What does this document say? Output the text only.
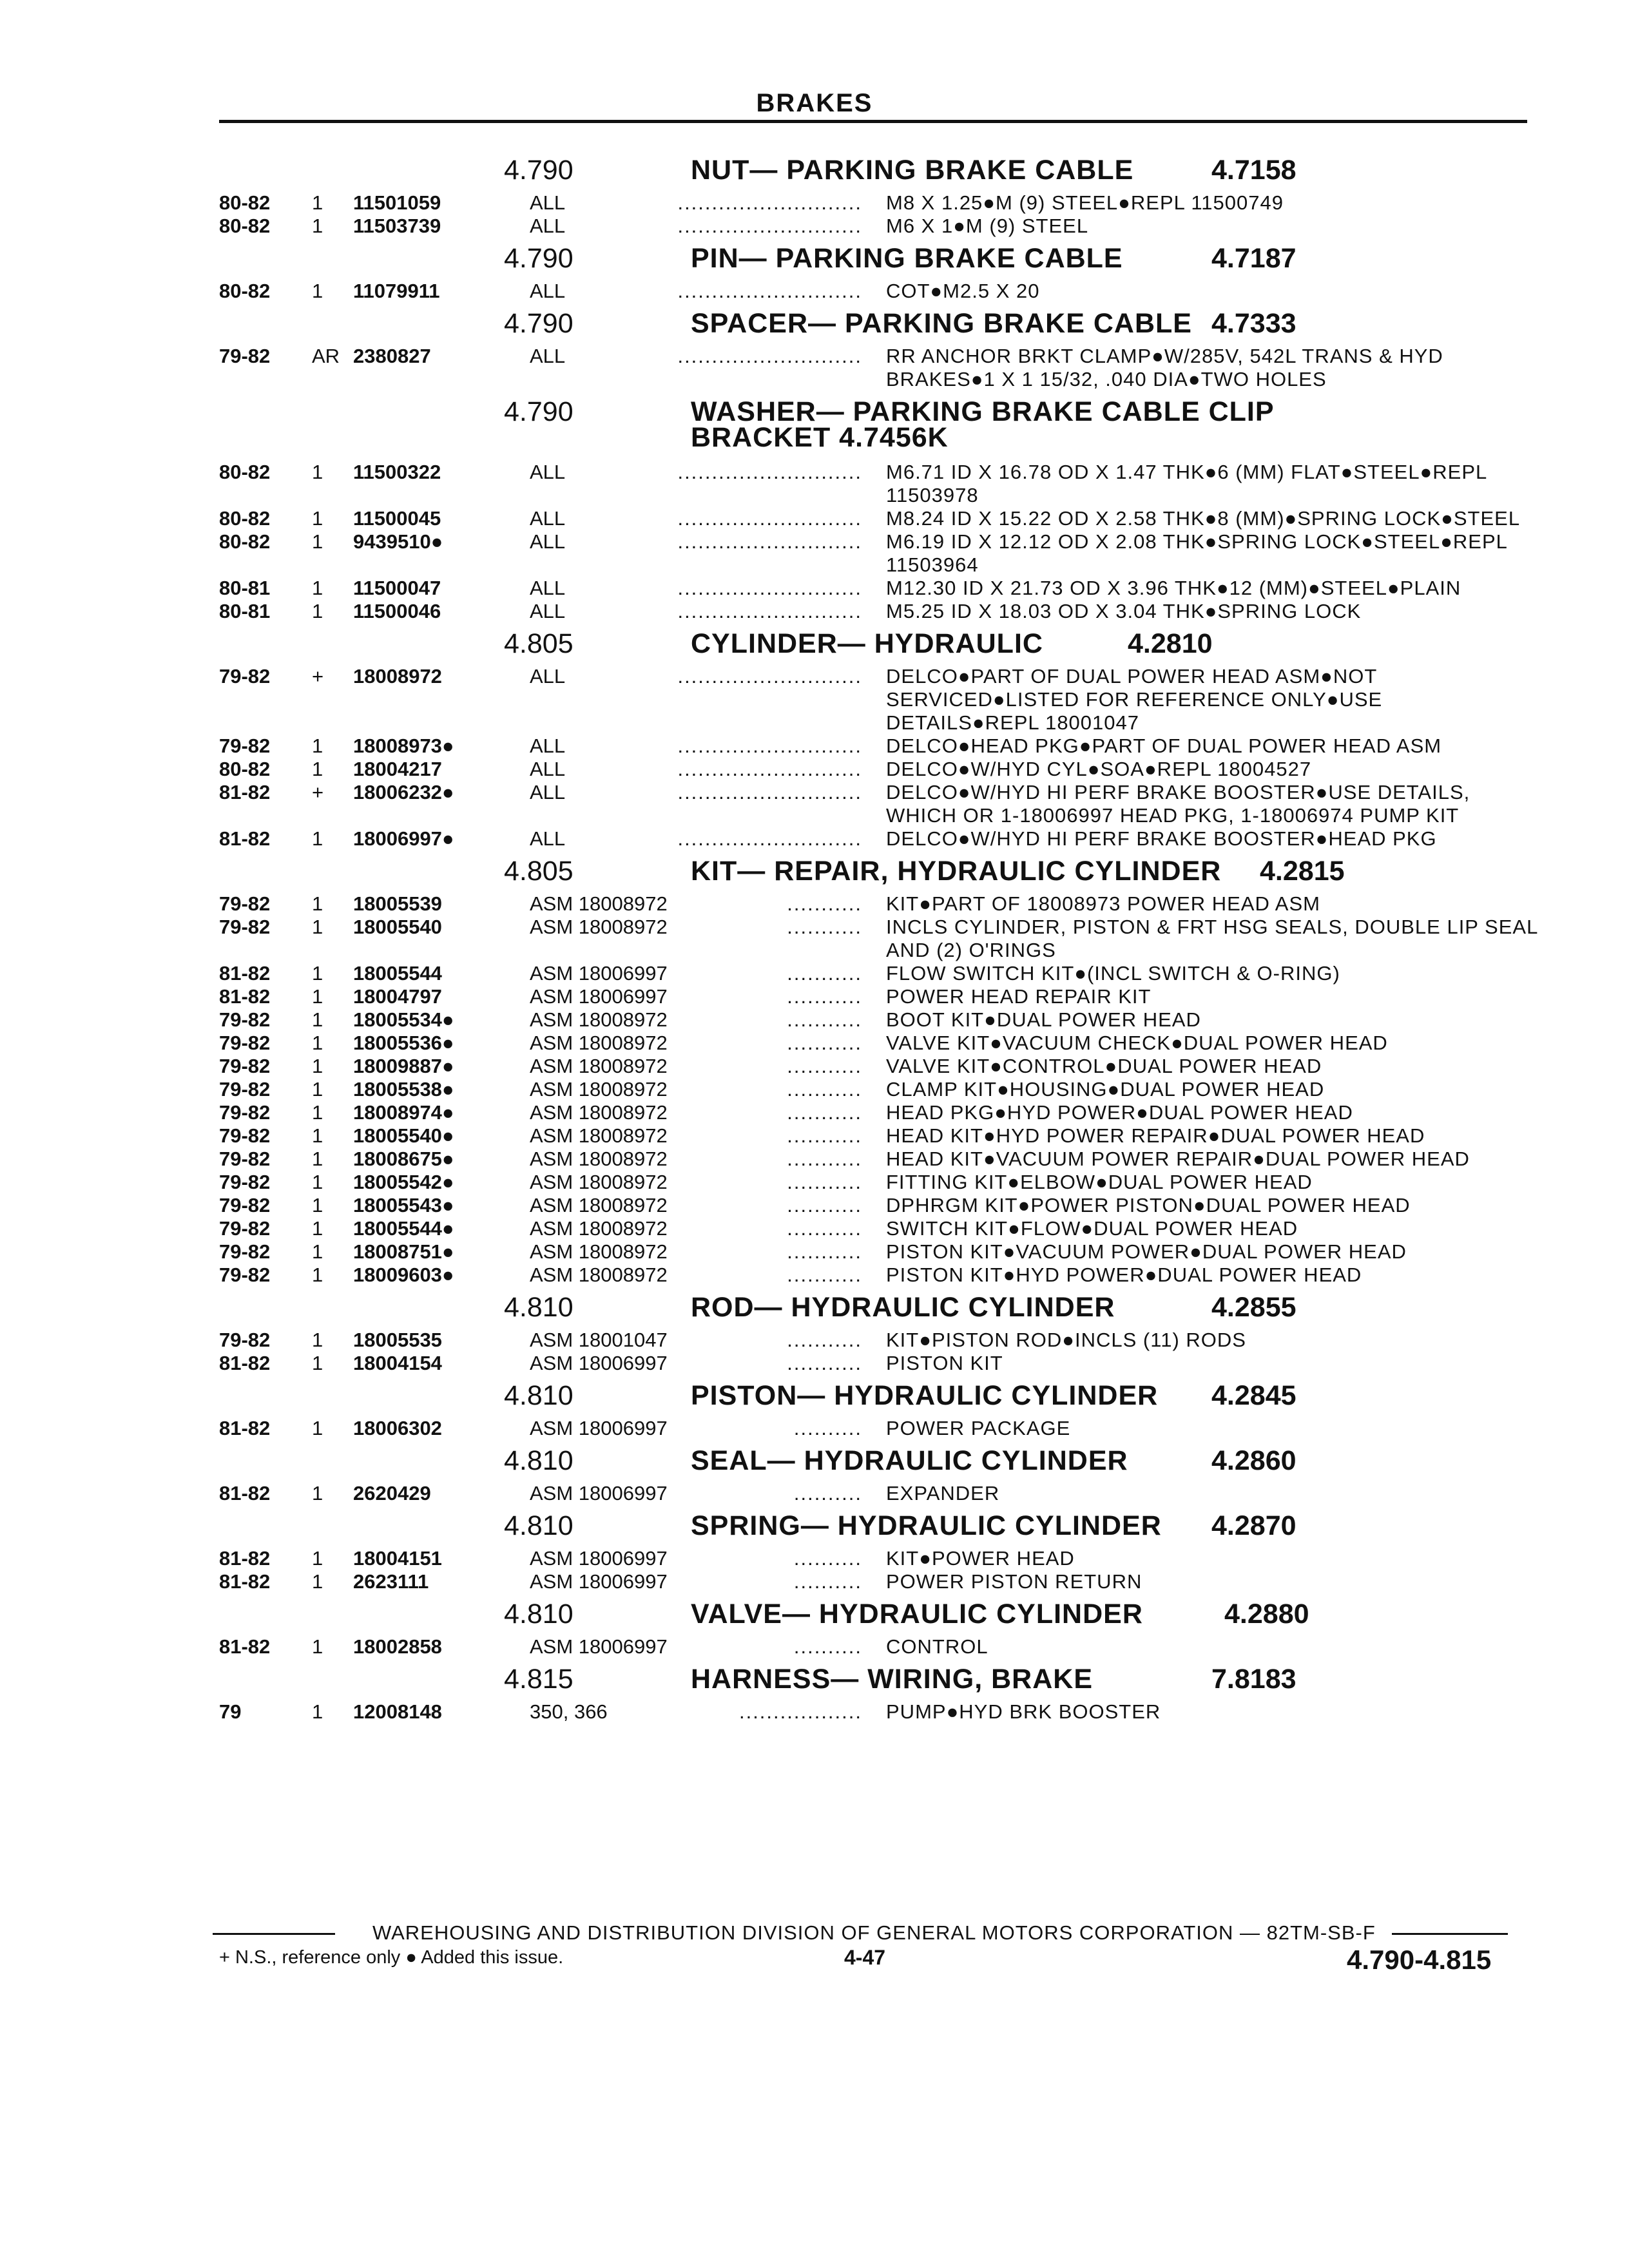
BRAKES
4.790	NUT— PARKING BRAKE CABLE	4.7158
80-82 1 11501059	ALL	........................... M8 X 1.25●M (9) STEEL●REPL 11500749
80-82 1 11503739	ALL	........................... M6 X 1●M (9) STEEL
4.790	PIN— PARKING BRAKE CABLE	4.7187
80-82 1 11079911	ALL	........................... COT●M2.5 X 20
4.790	SPACER— PARKING BRAKE CABLE 4.7333
79-82 AR 2380827	ALL	........................... RR ANCHOR BRKT CLAMP●W/285V, 542L TRANS & HYD BRAKES●1 X 1 15/32, .040 DIA●TWO HOLES
4.790	WASHER— PARKING BRAKE CABLE CLIP
BRACKET 4.7456K
80-82 1 11500322	ALL	........................... M6.71 ID X 16.78 OD X 1.47 THK●6 (MM) FLAT●STEEL●REPL 11503978
80-82 1 11500045	ALL	........................... M8.24 ID X 15.22 OD X 2.58 THK●8 (MM)●SPRING LOCK●STEEL
80-82 1 9439510●	ALL	........................... M6.19 ID X 12.12 OD X 2.08 THK●SPRING LOCK●STEEL●REPL 11503964
80-81 1 11500047	ALL	........................... M12.30 ID X 21.73 OD X 3.96 THK●12 (MM)●STEEL●PLAIN
80-81 1 11500046	ALL	........................... M5.25 ID X 18.03 OD X 3.04 THK●SPRING LOCK
4.805	CYLINDER— HYDRAULIC	4.2810
79-82 + 18008972	ALL	........................... DELCO●PART OF DUAL POWER HEAD ASM●NOT SERVICED●LISTED FOR REFERENCE ONLY●USE DETAILS●REPL 18001047
79-82 1 18008973●	ALL	........................... DELCO●HEAD PKG●PART OF DUAL POWER HEAD ASM
80-82 1 18004217	ALL	........................... DELCO●W/HYD CYL●SOA●REPL 18004527
81-82 + 18006232●	ALL	........................... DELCO●W/HYD HI PERF BRAKE BOOSTER●USE DETAILS, WHICH OR 1-18006997 HEAD PKG, 1-18006974 PUMP KIT
81-82 1 18006997●	ALL	........................... DELCO●W/HYD HI PERF BRAKE BOOSTER●HEAD PKG
4.805	KIT— REPAIR, HYDRAULIC CYLINDER 4.2815
79-82 1 18005539	ASM 18008972	........... KIT●PART OF 18008973 POWER HEAD ASM
79-82 1 18005540	ASM 18008972	........... INCLS CYLINDER, PISTON & FRT HSG SEALS, DOUBLE LIP SEAL AND (2) O'RINGS
81-82 1 18005544	ASM 18006997	........... FLOW SWITCH KIT●(INCL SWITCH & O-RING)
81-82 1 18004797	ASM 18006997	........... POWER HEAD REPAIR KIT
79-82 1 18005534●	ASM 18008972	........... BOOT KIT●DUAL POWER HEAD
79-82 1 18005536●	ASM 18008972	........... VALVE KIT●VACUUM CHECK●DUAL POWER HEAD
79-82 1 18009887●	ASM 18008972	........... VALVE KIT●CONTROL●DUAL POWER HEAD
79-82 1 18005538●	ASM 18008972	........... CLAMP KIT●HOUSING●DUAL POWER HEAD
79-82 1 18008974●	ASM 18008972	........... HEAD PKG●HYD POWER●DUAL POWER HEAD
79-82 1 18005540●	ASM 18008972	........... HEAD KIT●HYD POWER REPAIR●DUAL POWER HEAD
79-82 1 18008675●	ASM 18008972	........... HEAD KIT●VACUUM POWER REPAIR●DUAL POWER HEAD
79-82 1 18005542●	ASM 18008972	........... FITTING KIT●ELBOW●DUAL POWER HEAD
79-82 1 18005543●	ASM 18008972	........... DPHRGM KIT●POWER PISTON●DUAL POWER HEAD
79-82 1 18005544●	ASM 18008972	........... SWITCH KIT●FLOW●DUAL POWER HEAD
79-82 1 18008751●	ASM 18008972	........... PISTON KIT●VACUUM POWER●DUAL POWER HEAD
79-82 1 18009603●	ASM 18008972	........... PISTON KIT●HYD POWER●DUAL POWER HEAD
4.810	ROD— HYDRAULIC CYLINDER	4.2855
79-82 1 18005535	ASM 18001047	........... KIT●PISTON ROD●INCLS (11) RODS
81-82 1 18004154	ASM 18006997	........... PISTON KIT
4.810	PISTON— HYDRAULIC CYLINDER 4.2845
81-82 1 18006302	ASM 18006997	.......... POWER PACKAGE
4.810	SEAL— HYDRAULIC CYLINDER	4.2860
81-82 1 2620429	ASM 18006997	.......... EXPANDER
4.810	SPRING— HYDRAULIC CYLINDER 4.2870
81-82 1 18004151	ASM 18006997	.......... KIT●POWER HEAD
81-82 1 2623111	ASM 18006997	.......... POWER PISTON RETURN
4.810	VALVE— HYDRAULIC CYLINDER	4.2880
81-82 1 18002858	ASM 18006997	.......... CONTROL
4.815	HARNESS— WIRING, BRAKE	7.8183
79	1 12008148	350, 366	.................. PUMP●HYD BRK BOOSTER
WAREHOUSING AND DISTRIBUTION DIVISION OF GENERAL MOTORS CORPORATION — 82TM-SB-F
+ N.S., reference only ● Added this issue.	4-47	4.790-4.815
